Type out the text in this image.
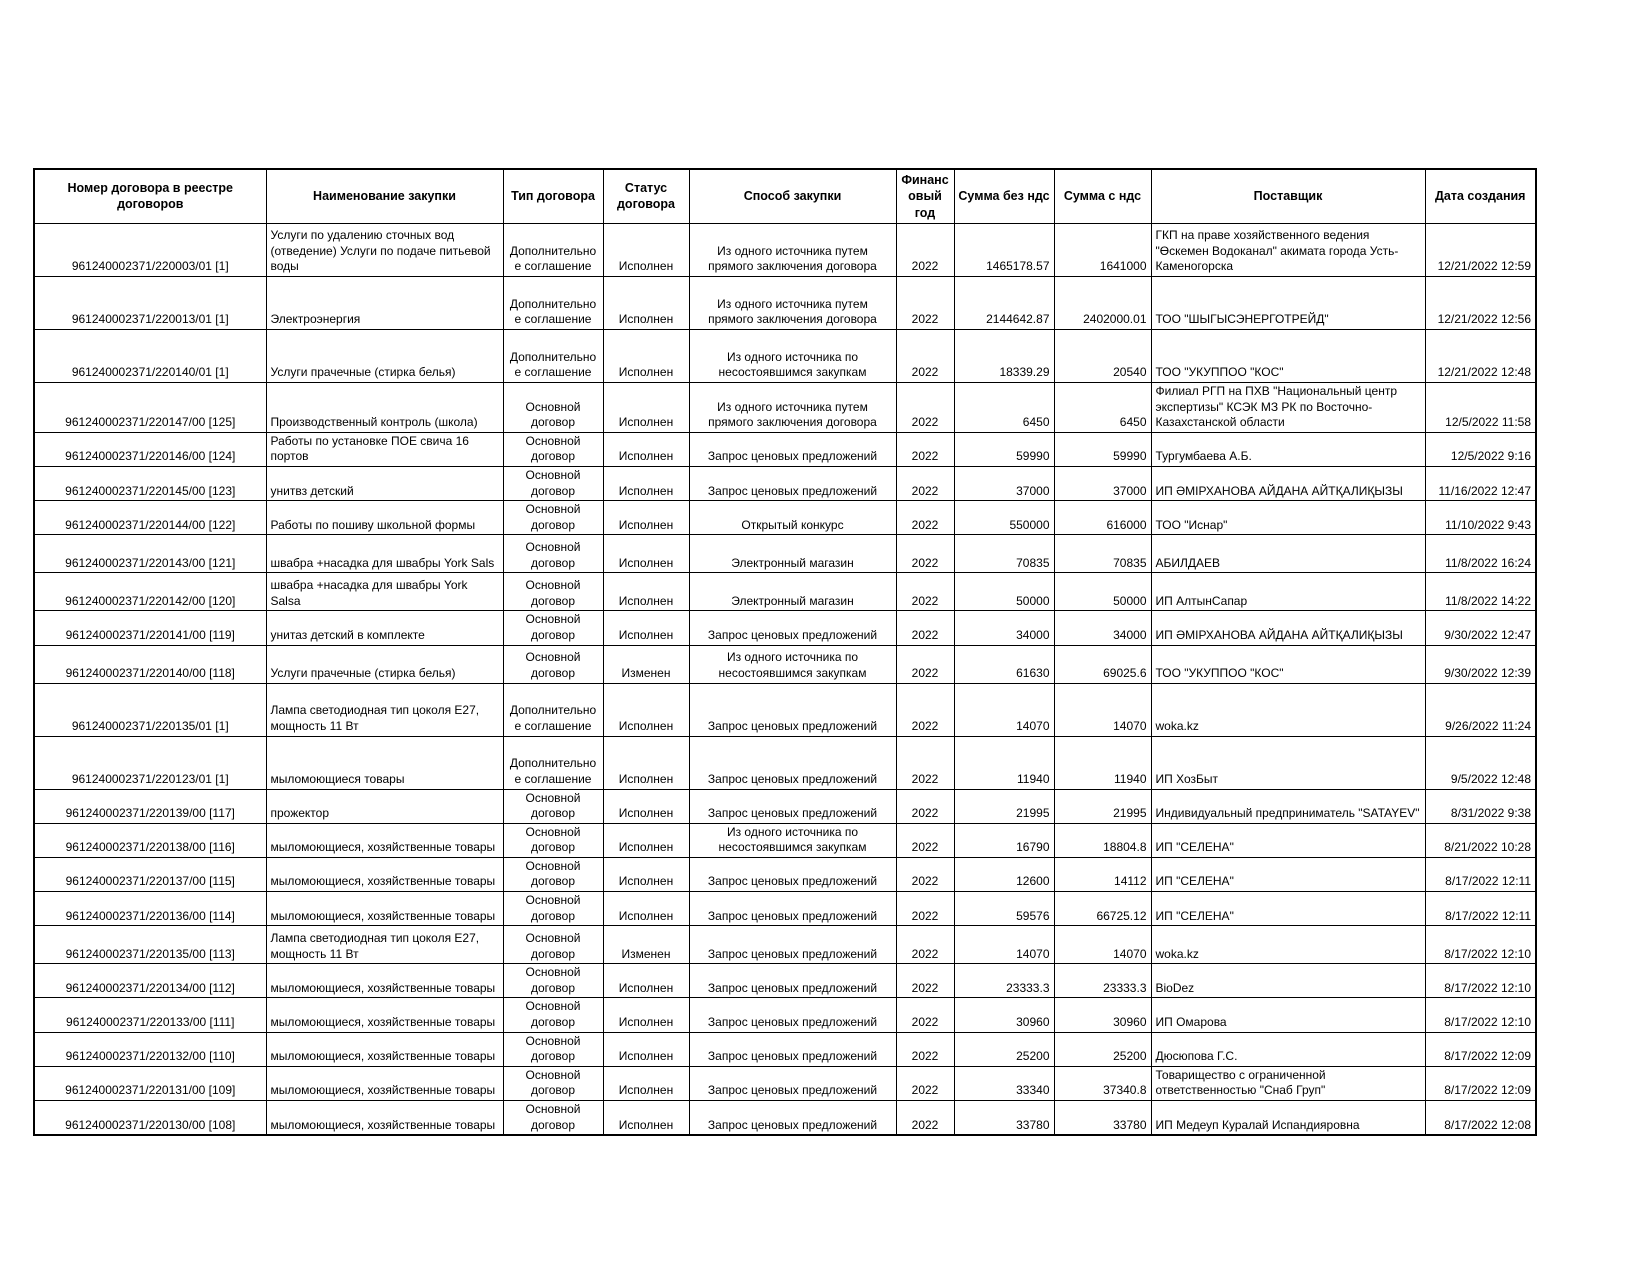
Номер договора в реестре договоров	Наименование закупки	Тип договора	Статус договора	Способ закупки	Финансовый год	Сумма без ндс	Сумма с ндс	Поставщик	Дата создания
961240002371/220003/01 [1]	Услуги по удалению сточных вод (отведение) Услуги по подаче питьевой воды	Дополнительное соглашение	Исполнен	Из одного источника путем прямого заключения договора	2022	1465178.57	1641000	ГКП на праве хозяйственного ведения "Өскемен Водоканал" акимата города Усть-Каменогорска	12/21/2022 12:59
961240002371/220013/01 [1]	Электроэнергия	Дополнительное соглашение	Исполнен	Из одного источника путем прямого заключения договора	2022	2144642.87	2402000.01	ТОО "ШЫГЫСЭНЕРГОТРЕЙД"	12/21/2022 12:56
961240002371/220140/01 [1]	Услуги прачечные (стирка белья)	Дополнительное соглашение	Исполнен	Из одного источника по несостоявшимся закупкам	2022	18339.29	20540	ТОО "УКУППОО "КОС"	12/21/2022 12:48
961240002371/220147/00 [125]	Производственный контроль (школа)	Основной договор	Исполнен	Из одного источника путем прямого заключения договора	2022	6450	6450	Филиал РГП на ПХВ "Национальный центр экспертизы" КСЭК МЗ РК по Восточно-Казахстанской области	12/5/2022 11:58
961240002371/220146/00 [124]	Работы по установке ПОЕ свича 16 портов	Основной договор	Исполнен	Запрос ценовых предложений	2022	59990	59990	Тургумбаева А.Б.	12/5/2022 9:16
961240002371/220145/00 [123]	унитвз детский	Основной договор	Исполнен	Запрос ценовых предложений	2022	37000	37000	ИП ӘМІРХАНОВА АЙДАНА АЙТҚАЛИҚЫЗЫ	11/16/2022 12:47
961240002371/220144/00 [122]	Работы по пошиву школьной формы	Основной договор	Исполнен	Открытый конкурс	2022	550000	616000	ТОО "Иснар"	11/10/2022 9:43
961240002371/220143/00 [121]	швабра +насадка для швабры York Sals	Основной договор	Исполнен	Электронный магазин	2022	70835	70835	АБИЛДАЕВ	11/8/2022 16:24
961240002371/220142/00 [120]	швабра +насадка для швабры York Salsa	Основной договор	Исполнен	Электронный магазин	2022	50000	50000	ИП АлтынСапар	11/8/2022 14:22
961240002371/220141/00 [119]	унитаз детский в комплекте	Основной договор	Исполнен	Запрос ценовых предложений	2022	34000	34000	ИП ӘМІРХАНОВА АЙДАНА АЙТҚАЛИҚЫЗЫ	9/30/2022 12:47
961240002371/220140/00 [118]	Услуги прачечные (стирка белья)	Основной договор	Изменен	Из одного источника по несостоявшимся закупкам	2022	61630	69025.6	ТОО "УКУППОО "КОС"	9/30/2022 12:39
961240002371/220135/01 [1]	Лампа светодиодная тип цоколя Е27, мощность 11 Вт	Дополнительное соглашение	Исполнен	Запрос ценовых предложений	2022	14070	14070	woka.kz	9/26/2022 11:24
961240002371/220123/01 [1]	мыломоющиеся товары	Дополнительное соглашение	Исполнен	Запрос ценовых предложений	2022	11940	11940	ИП ХозБыт	9/5/2022 12:48
961240002371/220139/00 [117]	прожектор	Основной договор	Исполнен	Запрос ценовых предложений	2022	21995	21995	Индивидуальный предприниматель "SATAYEV"	8/31/2022 9:38
961240002371/220138/00 [116]	мыломоющиеся, хозяйственные товары	Основной договор	Исполнен	Из одного источника по несостоявшимся закупкам	2022	16790	18804.8	ИП "СЕЛЕНА"	8/21/2022 10:28
961240002371/220137/00 [115]	мыломоющиеся, хозяйственные товары	Основной договор	Исполнен	Запрос ценовых предложений	2022	12600	14112	ИП "СЕЛЕНА"	8/17/2022 12:11
961240002371/220136/00 [114]	мыломоющиеся, хозяйственные товары	Основной договор	Исполнен	Запрос ценовых предложений	2022	59576	66725.12	ИП "СЕЛЕНА"	8/17/2022 12:11
961240002371/220135/00 [113]	Лампа светодиодная тип цоколя Е27, мощность 11 Вт	Основной договор	Изменен	Запрос ценовых предложений	2022	14070	14070	woka.kz	8/17/2022 12:10
961240002371/220134/00 [112]	мыломоющиеся, хозяйственные товары	Основной договор	Исполнен	Запрос ценовых предложений	2022	23333.3	23333.3	BioDez	8/17/2022 12:10
961240002371/220133/00 [111]	мыломоющиеся, хозяйственные товары	Основной договор	Исполнен	Запрос ценовых предложений	2022	30960	30960	ИП Омарова	8/17/2022 12:10
961240002371/220132/00 [110]	мыломоющиеся, хозяйственные товары	Основной договор	Исполнен	Запрос ценовых предложений	2022	25200	25200	Дюсюпова Г.С.	8/17/2022 12:09
961240002371/220131/00 [109]	мыломоющиеся, хозяйственные товары	Основной договор	Исполнен	Запрос ценовых предложений	2022	33340	37340.8	Товарищество с ограниченной ответственностью "Снаб Груп"	8/17/2022 12:09
961240002371/220130/00 [108]	мыломоющиеся, хозяйственные товары	Основной договор	Исполнен	Запрос ценовых предложений	2022	33780	33780	ИП Медеуп Куралай Испандияровна	8/17/2022 12:08
